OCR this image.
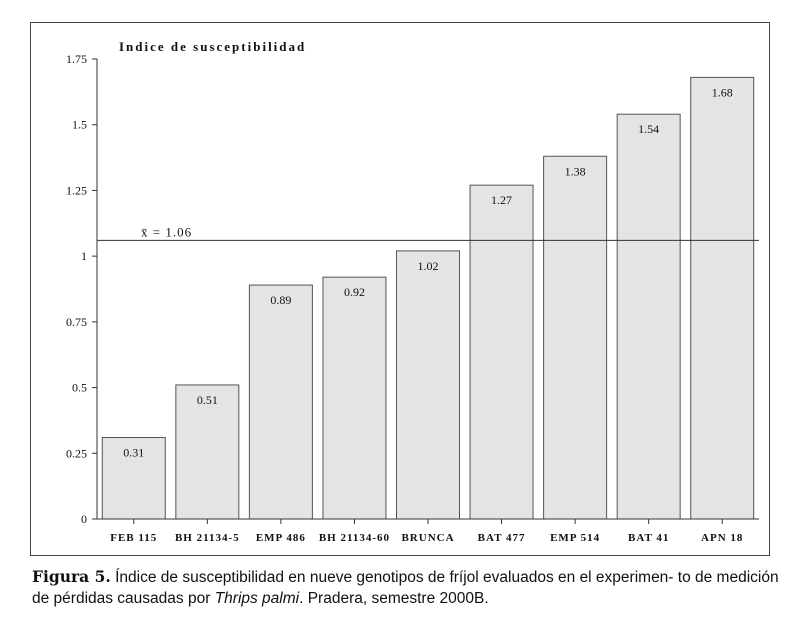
0
0.25
0.5
0.75
1
1.25
1.5
1.75
0.31
0.51
0.89
0.92
1.02
1.27
1.38
1.54
1.68
FEB 115 BH 21134-5 EMP 486 BH 21134-60 BRUNCA BAT 477 EMP 514	BAT 41	APN 18
x̄ = 1.06
Indice de susceptibilidad
Figura 5. Índice de susceptibilidad en nueve genotipos de fríjol evaluados en el experimen- to de medición de pérdidas causadas por Thrips palmi. Pradera, semestre 2000B.
